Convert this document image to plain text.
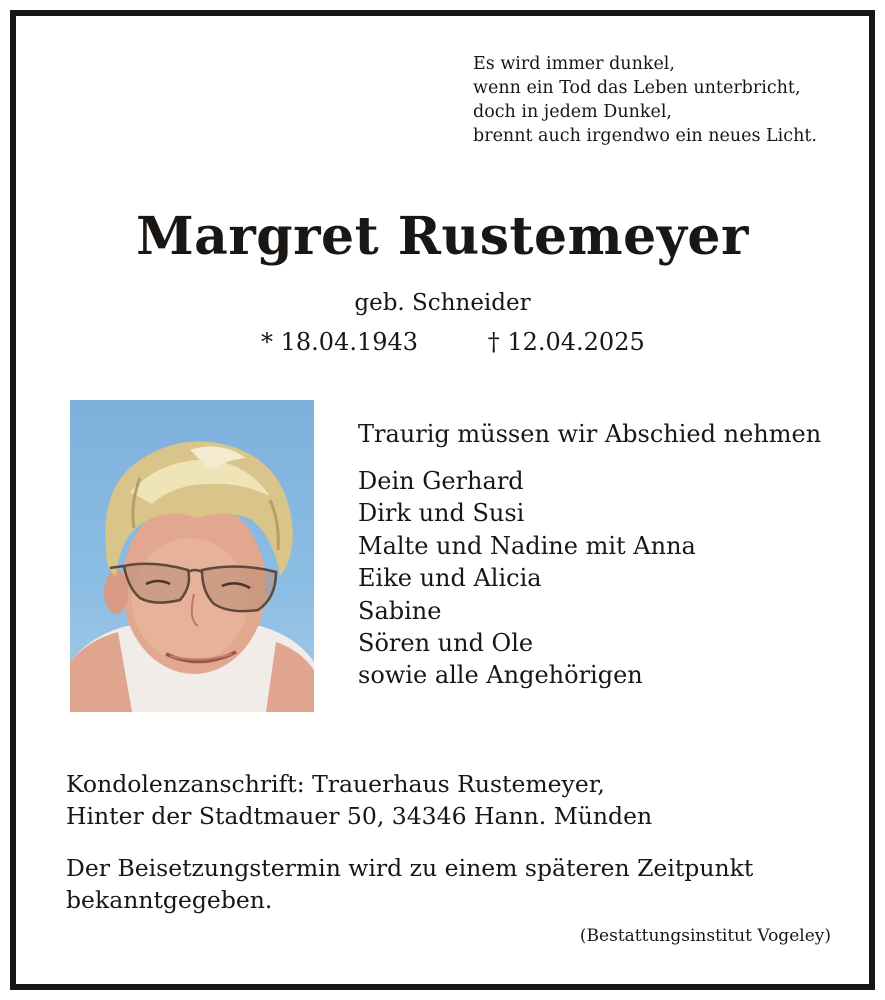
Es wird immer dunkel,
wenn ein Tod das Leben unterbricht,
doch in jedem Dunkel,
brennt auch irgendwo ein neues Licht.
Margret Rustemeyer
geb. Schneider
* 18.04.1943	† 12.04.2025
Traurig müssen wir Abschied nehmen
Dein Gerhard
Dirk und Susi
Malte und Nadine mit Anna
Eike und Alicia
Sabine
Sören und Ole
sowie alle Angehörigen
Kondolenzanschrift: Trauerhaus Rustemeyer,
Hinter der Stadtmauer 50, 34346 Hann. Münden
Der Beisetzungstermin wird zu einem späteren Zeitpunkt
bekanntgegeben.
(Bestattungsinstitut Vogeley)
